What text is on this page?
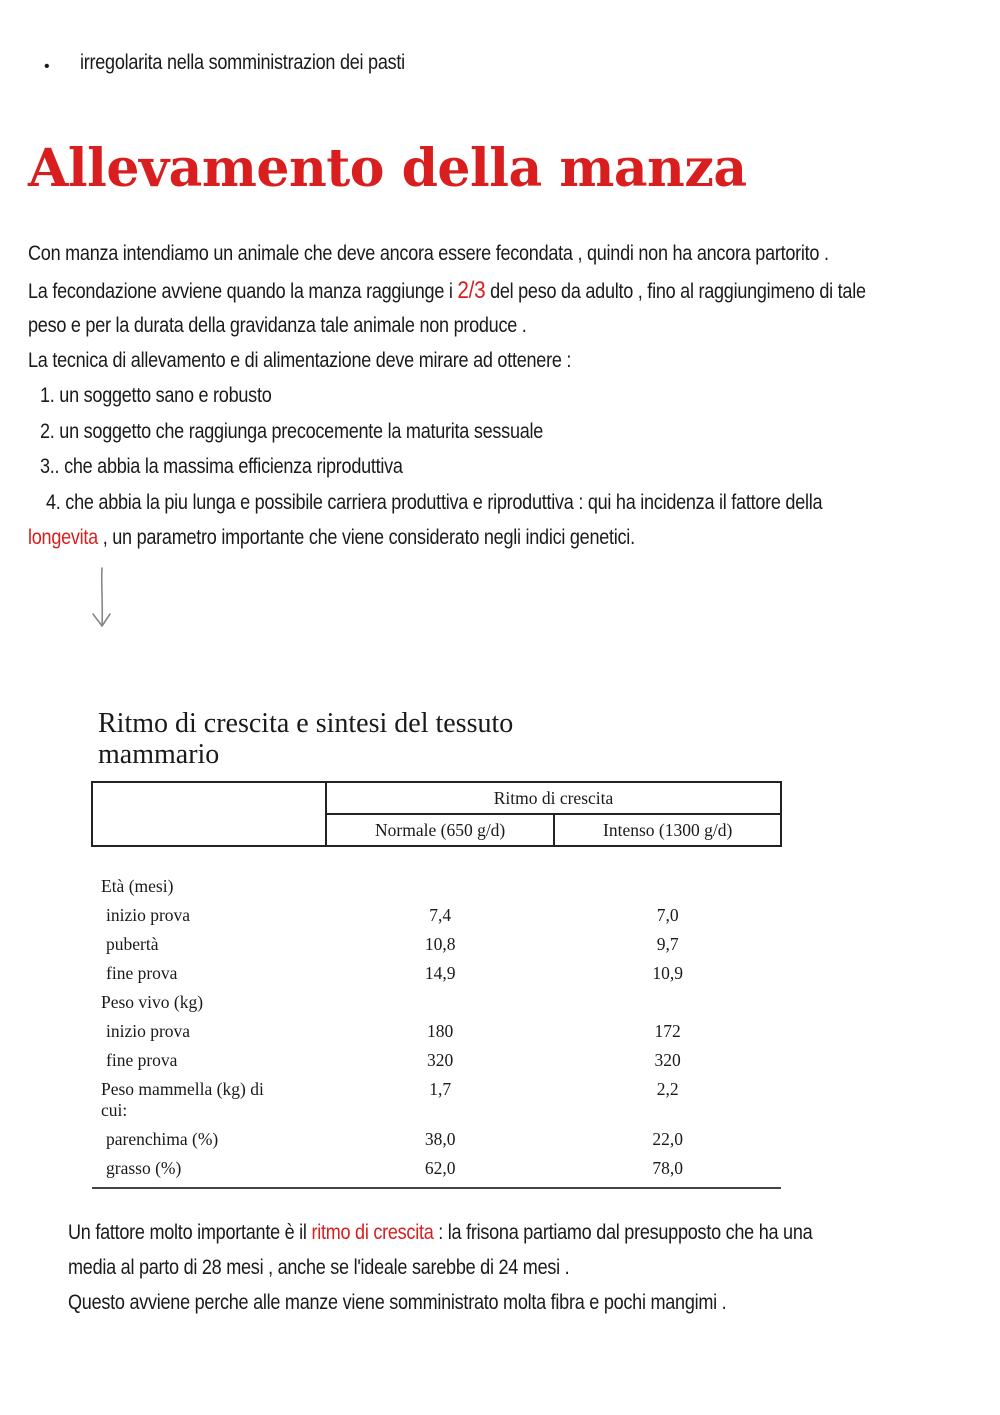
• irregolarita nella somministrazion dei pasti
Allevamento della manza
Con manza intendiamo un animale che deve ancora essere fecondata , quindi non ha ancora partorito .
La fecondazione avviene quando la manza raggiunge i 2/3 del peso da adulto , fino al raggiungimeno di tale
peso e per la durata della gravidanza tale animale non produce .
La tecnica di allevamento e di alimentazione deve mirare ad ottenere :
1. un soggetto sano e robusto
2. un soggetto che raggiunga precocemente la maturita sessuale
3.. che abbia la massima efficienza riproduttiva
4. che abbia la piu lunga e possibile carriera produttiva e riproduttiva : qui ha incidenza il fattore della
longevita , un parametro importante che viene considerato negli indici genetici.
Ritmo di crescita e sintesi del tessuto
mammario
	Ritmo di crescita	
	Normale (650 g/d)	Intenso (1300 g/d)

Età (mesi)		
inizio prova	7,4	7,0
pubertà	10,8	9,7
fine prova	14,9	10,9
Peso vivo (kg)		
inizio prova	180	172
fine prova	320	320

Peso mammella (kg) di
cui:	1,7	2,2
parenchima (%)	38,0	22,0
grasso (%)	62,0	78,0
Un fattore molto importante è il ritmo di crescita : la frisona partiamo dal presupposto che ha una
media al parto di 28 mesi , anche se l'ideale sarebbe di 24 mesi .
Questo avviene perche alle manze viene somministrato molta fibra e pochi mangimi .
